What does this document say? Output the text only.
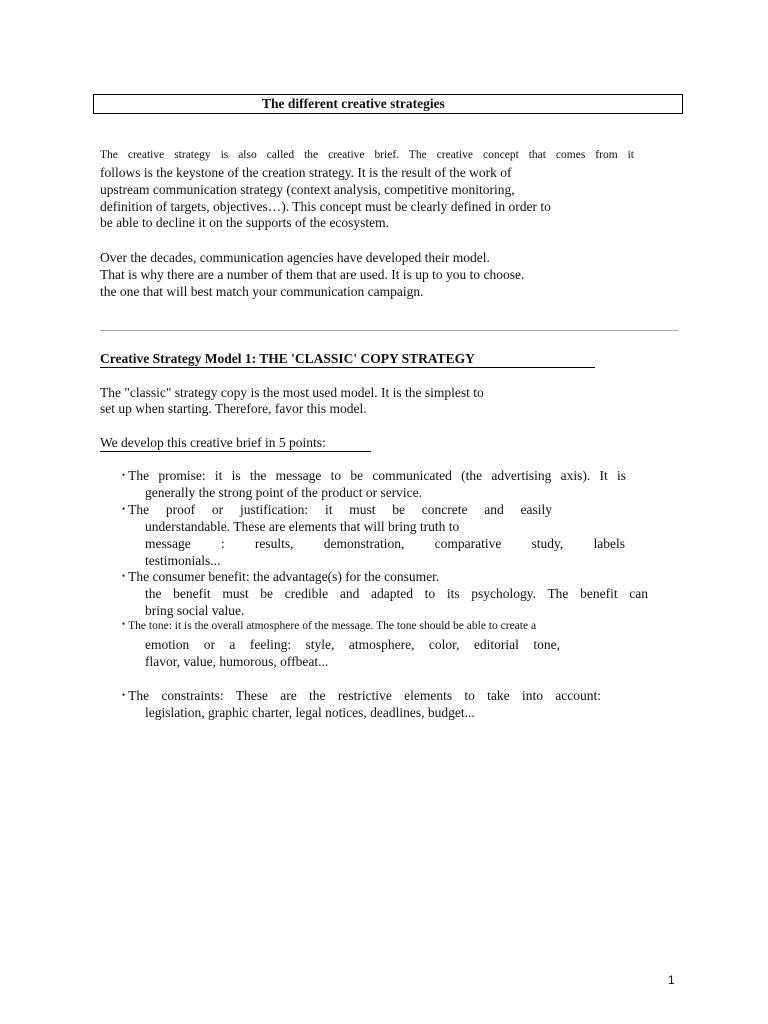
The different creative strategies
The creative strategy is also called the creative brief. The creative concept that comes from it
follows is the keystone of the creation strategy. It is the result of the work of
upstream communication strategy (context analysis, competitive monitoring,
definition of targets, objectives…). This concept must be clearly defined in order to
be able to decline it on the supports of the ecosystem.
Over the decades, communication agencies have developed their model.
That is why there are a number of them that are used. It is up to you to choose.
the one that will best match your communication campaign.
Creative Strategy Model 1: THE 'CLASSIC' COPY STRATEGY
The "classic" strategy copy is the most used model. It is the simplest to
set up when starting. Therefore, favor this model.
We develop this creative brief in 5 points:
• The promise: it is the message to be communicated (the advertising axis). It is
generally the strong point of the product or service.
• The proof or justification: it must be concrete and easily
understandable. These are elements that will bring truth to
message : results, demonstration, comparative study, labels
testimonials...
• The consumer benefit: the advantage(s) for the consumer.
the benefit must be credible and adapted to its psychology. The benefit can
bring social value.
• The tone: it is the overall atmosphere of the message. The tone should be able to create a
emotion or a feeling: style, atmosphere, color, editorial tone,
flavor, value, humorous, offbeat...
• The constraints: These are the restrictive elements to take into account:
legislation, graphic charter, legal notices, deadlines, budget...
1
